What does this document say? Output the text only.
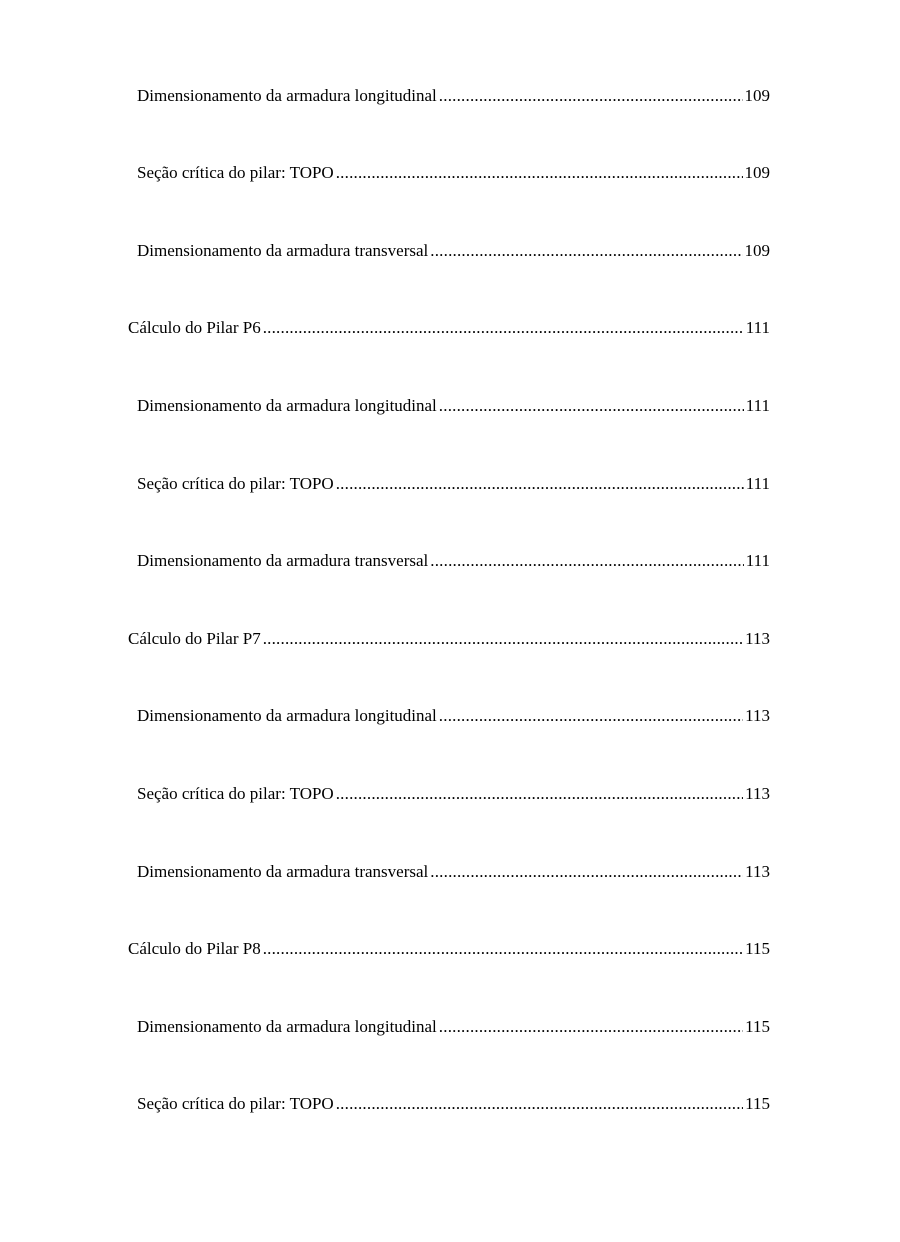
Dimensionamento da armadura longitudinal .....	109
Seção crítica do pilar: TOPO .....	109
Dimensionamento da armadura transversal .....	109
Cálculo do Pilar P6 .....	111
Dimensionamento da armadura longitudinal .....	111
Seção crítica do pilar: TOPO .....	111
Dimensionamento da armadura transversal .....	111
Cálculo do Pilar P7 .....	113
Dimensionamento da armadura longitudinal .....	113
Seção crítica do pilar: TOPO .....	113
Dimensionamento da armadura transversal .....	113
Cálculo do Pilar P8 .....	115
Dimensionamento da armadura longitudinal .....	115
Seção crítica do pilar: TOPO .....	115
